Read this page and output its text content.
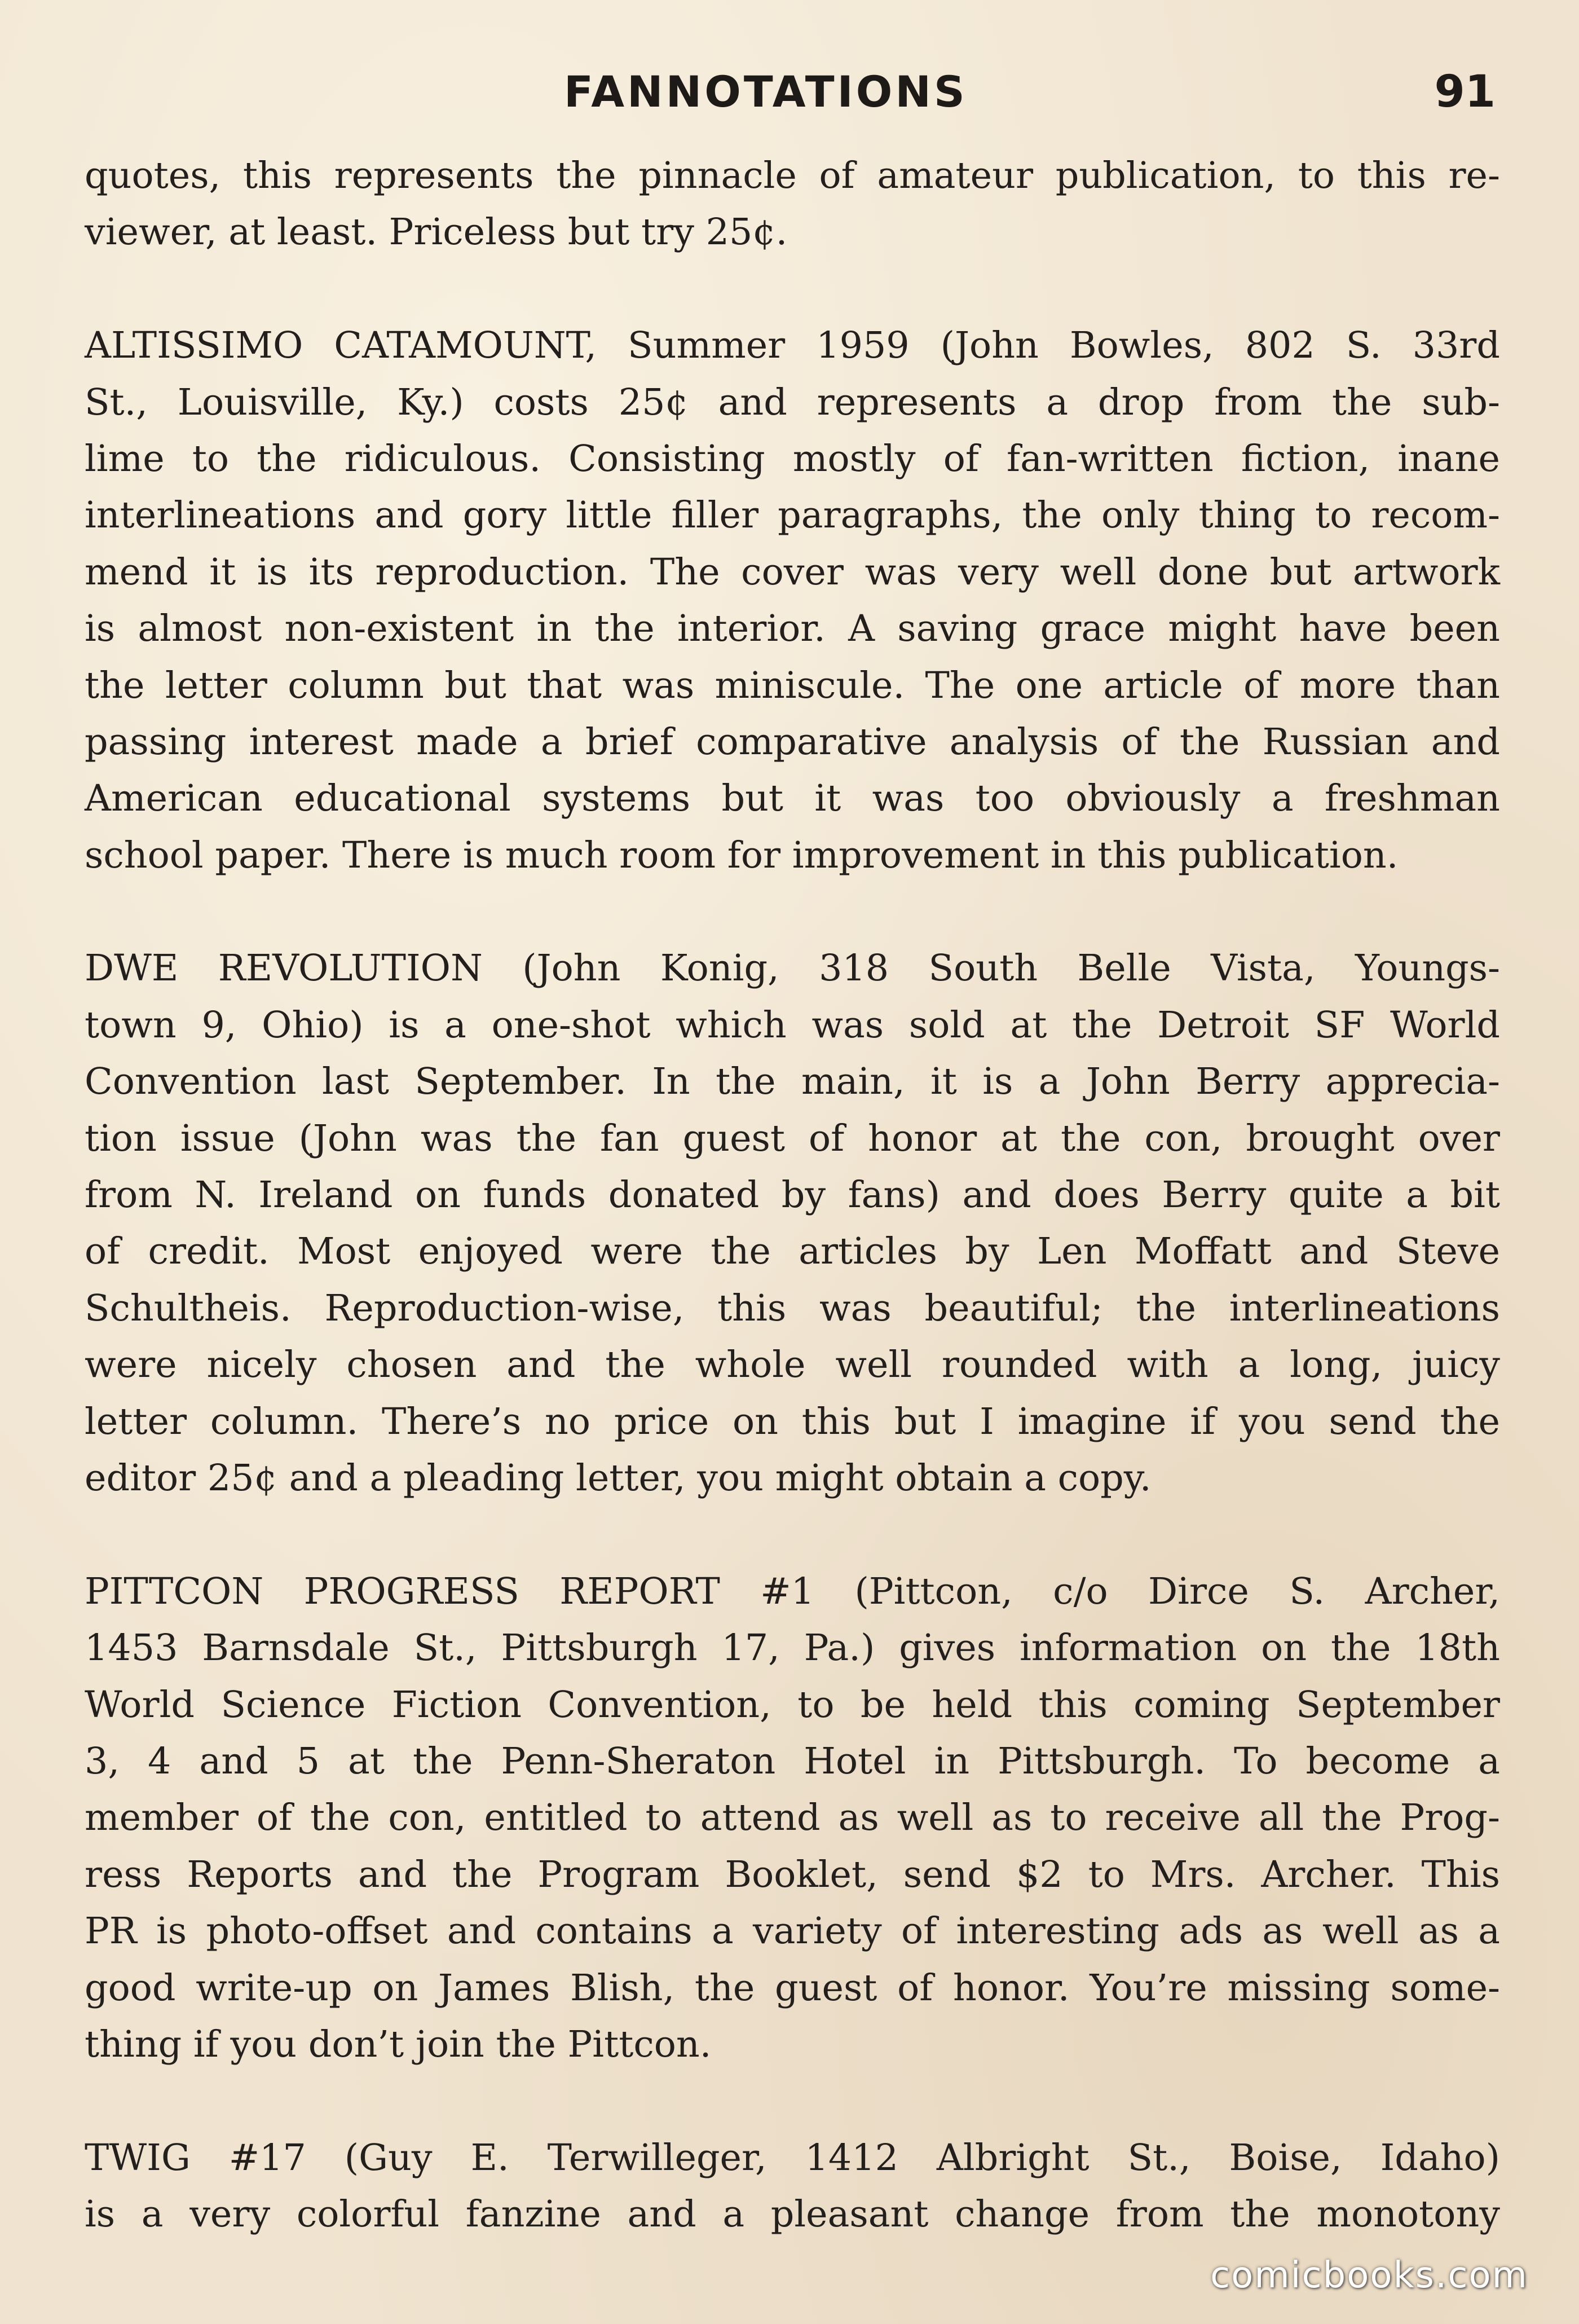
FANNOTATIONS	91
quotes, this represents the pinnacle of amateur publication, to this re-
viewer, at least. Priceless but try 25¢.
ALTISSIMO CATAMOUNT, Summer 1959 (John Bowles, 802 S. 33rd
St., Louisville, Ky.) costs 25¢ and represents a drop from the sub-
lime to the ridiculous. Consisting mostly of fan-written fiction, inane
interlineations and gory little filler paragraphs, the only thing to recom-
mend it is its reproduction. The cover was very well done but artwork
is almost non-existent in the interior. A saving grace might have been
the letter column but that was miniscule. The one article of more than
passing interest made a brief comparative analysis of the Russian and
American educational systems but it was too obviously a freshman
school paper. There is much room for improvement in this publication.
DWE REVOLUTION (John Konig, 318 South Belle Vista, Youngs-
town 9, Ohio) is a one-shot which was sold at the Detroit SF World
Convention last September. In the main, it is a John Berry apprecia-
tion issue (John was the fan guest of honor at the con, brought over
from N. Ireland on funds donated by fans) and does Berry quite a bit
of credit. Most enjoyed were the articles by Len Moffatt and Steve
Schultheis. Reproduction-wise, this was beautiful; the interlineations
were nicely chosen and the whole well rounded with a long, juicy
letter column. There’s no price on this but I imagine if you send the
editor 25¢ and a pleading letter, you might obtain a copy.
PITTCON PROGRESS REPORT #1 (Pittcon, c/o Dirce S. Archer,
1453 Barnsdale St., Pittsburgh 17, Pa.) gives information on the 18th
World Science Fiction Convention, to be held this coming September
3, 4 and 5 at the Penn-Sheraton Hotel in Pittsburgh. To become a
member of the con, entitled to attend as well as to receive all the Prog-
ress Reports and the Program Booklet, send $2 to Mrs. Archer. This
PR is photo-offset and contains a variety of interesting ads as well as a
good write-up on James Blish, the guest of honor. You’re missing some-
thing if you don’t join the Pittcon.
TWIG #17 (Guy E. Terwilleger, 1412 Albright St., Boise, Idaho)
is a very colorful fanzine and a pleasant change from the monotony
comicbooks.com
